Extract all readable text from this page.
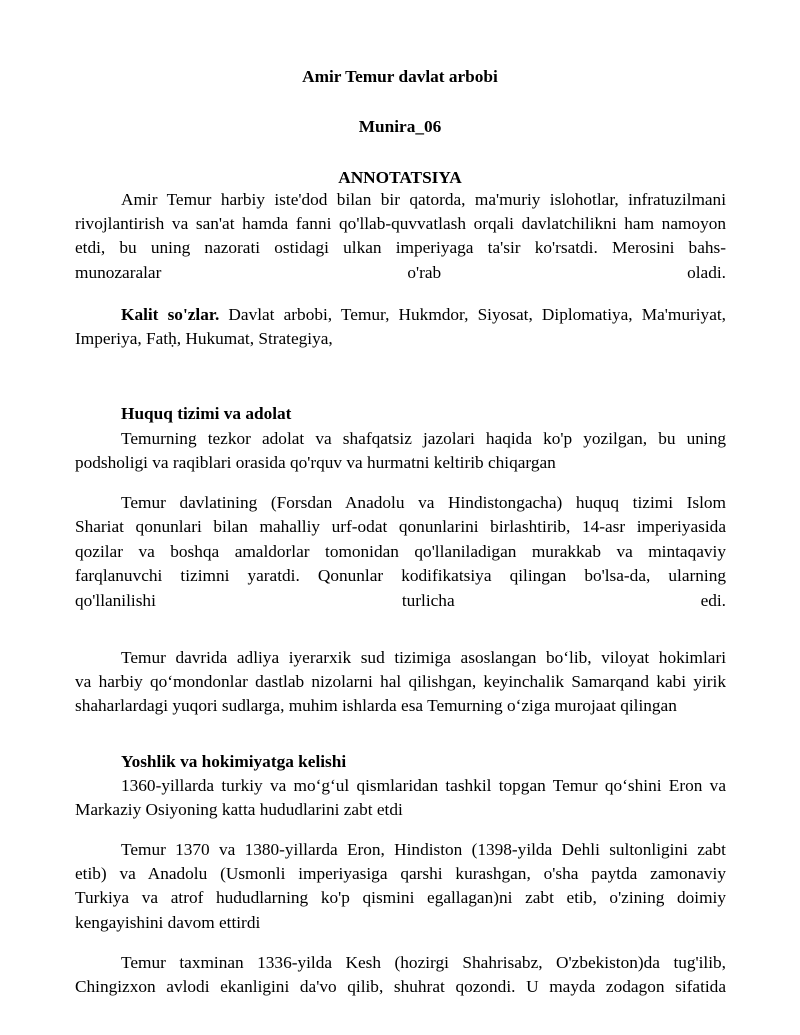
Amir Temur davlat arbobi
Munira_06
ANNOTATSIYA
Amir Temur harbiy iste'dod bilan bir qatorda, ma'muriy islohotlar, infratuzilmani
rivojlantirish va san'at hamda fanni qo'llab-quvvatlash orqali davlatchilikni ham namoyon
etdi, bu uning nazorati ostidagi ulkan imperiyaga ta'sir ko'rsatdi. Merosini bahs-
munozaralar o'rab oladi.
Kalit so'zlar. Davlat arbobi, Temur, Hukmdor, Siyosat, Diplomatiya, Ma'muriyat,
Imperiya, Fatḥ, Hukumat, Strategiya,
Huquq tizimi va adolat
Temurning tezkor adolat va shafqatsiz jazolari haqida ko'p yozilgan, bu uning
podsholigi va raqiblari orasida qo'rquv va hurmatni keltirib chiqargan
Temur davlatining (Forsdan Anadolu va Hindistongacha) huquq tizimi Islom
Shariat qonunlari bilan mahalliy urf-odat qonunlarini birlashtirib, 14-asr imperiyasida
qozilar va boshqa amaldorlar tomonidan qo'llaniladigan murakkab va mintaqaviy
farqlanuvchi tizimni yaratdi. Qonunlar kodifikatsiya qilingan bo'lsa-da, ularning
qo'llanilishi turlicha edi.
Temur davrida adliya iyerarxik sud tizimiga asoslangan bo‘lib, viloyat hokimlari
va harbiy qo‘mondonlar dastlab nizolarni hal qilishgan, keyinchalik Samarqand kabi yirik
shaharlardagi yuqori sudlarga, muhim ishlarda esa Temurning o‘ziga murojaat qilingan
Yoshlik va hokimiyatga kelishi
1360-yillarda turkiy va mo‘g‘ul qismlaridan tashkil topgan Temur qo‘shini Eron va
Markaziy Osiyoning katta hududlarini zabt etdi
Temur 1370 va 1380-yillarda Eron, Hindiston (1398-yilda Dehli sultonligini zabt
etib) va Anadolu (Usmonli imperiyasiga qarshi kurashgan, o'sha paytda zamonaviy
Turkiya va atrof hududlarning ko'p qismini egallagan)ni zabt etib, o'zining doimiy
kengayishini davom ettirdi
Temur taxminan 1336-yilda Kesh (hozirgi Shahrisabz, O'zbekiston)da tug'ilib,
Chingizxon avlodi ekanligini da'vo qilib, shuhrat qozondi. U mayda zodagon sifatida
